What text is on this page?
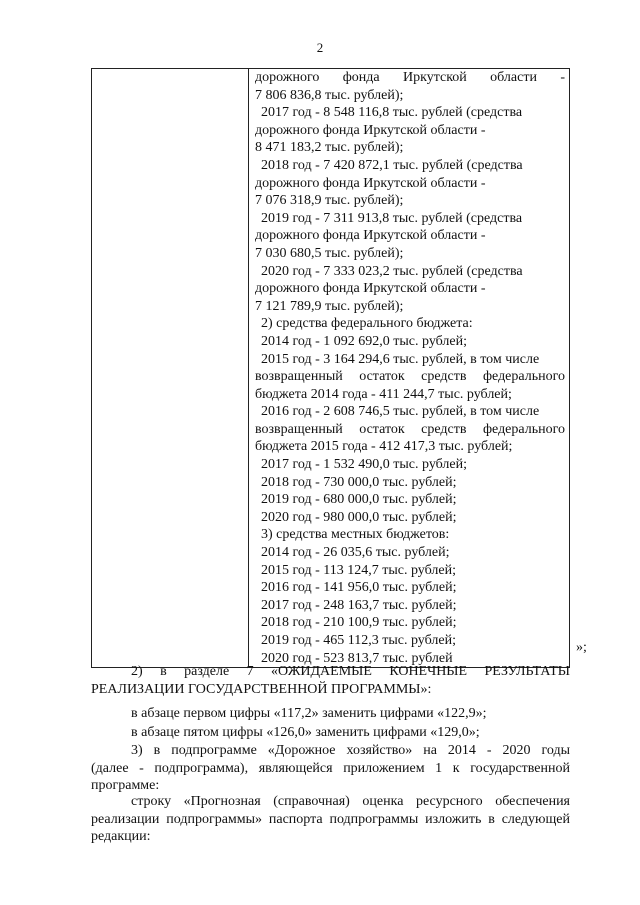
2

дорожного фонда Иркутской области -
7 806 836,8 тыс. рублей);
2017 год - 8 548 116,8 тыс. рублей (средства
дорожного фонда Иркутской области -
8 471 183,2 тыс. рублей);
2018 год - 7 420 872,1 тыс. рублей (средства
дорожного фонда Иркутской области -
7 076 318,9 тыс. рублей);
2019 год - 7 311 913,8 тыс. рублей (средства
дорожного фонда Иркутской области -
7 030 680,5 тыс. рублей);
2020 год - 7 333 023,2 тыс. рублей (средства
дорожного фонда Иркутской области -
7 121 789,9 тыс. рублей);
2) средства федерального бюджета:
2014 год - 1 092 692,0 тыс. рублей;
2015 год - 3 164 294,6 тыс. рублей, в том числе
возвращенный остаток средств федерального
бюджета 2014 года - 411 244,7 тыс. рублей;
2016 год - 2 608 746,5 тыс. рублей, в том числе
возвращенный остаток средств федерального
бюджета 2015 года - 412 417,3 тыс. рублей;
2017 год - 1 532 490,0 тыс. рублей;
2018 год - 730 000,0 тыс. рублей;
2019 год - 680 000,0 тыс. рублей;
2020 год - 980 000,0 тыс. рублей;
3) средства местных бюджетов:
2014 год - 26 035,6 тыс. рублей;
2015 год - 113 124,7 тыс. рублей;
2016 год - 141 956,0 тыс. рублей;
2017 год - 248 163,7 тыс. рублей;
2018 год - 210 100,9 тыс. рублей;
2019 год - 465 112,3 тыс. рублей;
2020 год - 523 813,7 тыс. рублей
»;
2) в разделе 7 «ОЖИДАЕМЫЕ КОНЕЧНЫЕ РЕЗУЛЬТАТЫ
РЕАЛИЗАЦИИ ГОСУДАРСТВЕННОЙ ПРОГРАММЫ»:
в абзаце первом цифры «117,2» заменить цифрами «122,9»;
в абзаце пятом цифры «126,0» заменить цифрами «129,0»;
3) в подпрограмме «Дорожное хозяйство» на 2014 - 2020 годы
(далее - подпрограмма), являющейся приложением 1 к государственной
программе:
строку «Прогнозная (справочная) оценка ресурсного обеспечения
реализации подпрограммы» паспорта подпрограммы изложить в следующей
редакции:
